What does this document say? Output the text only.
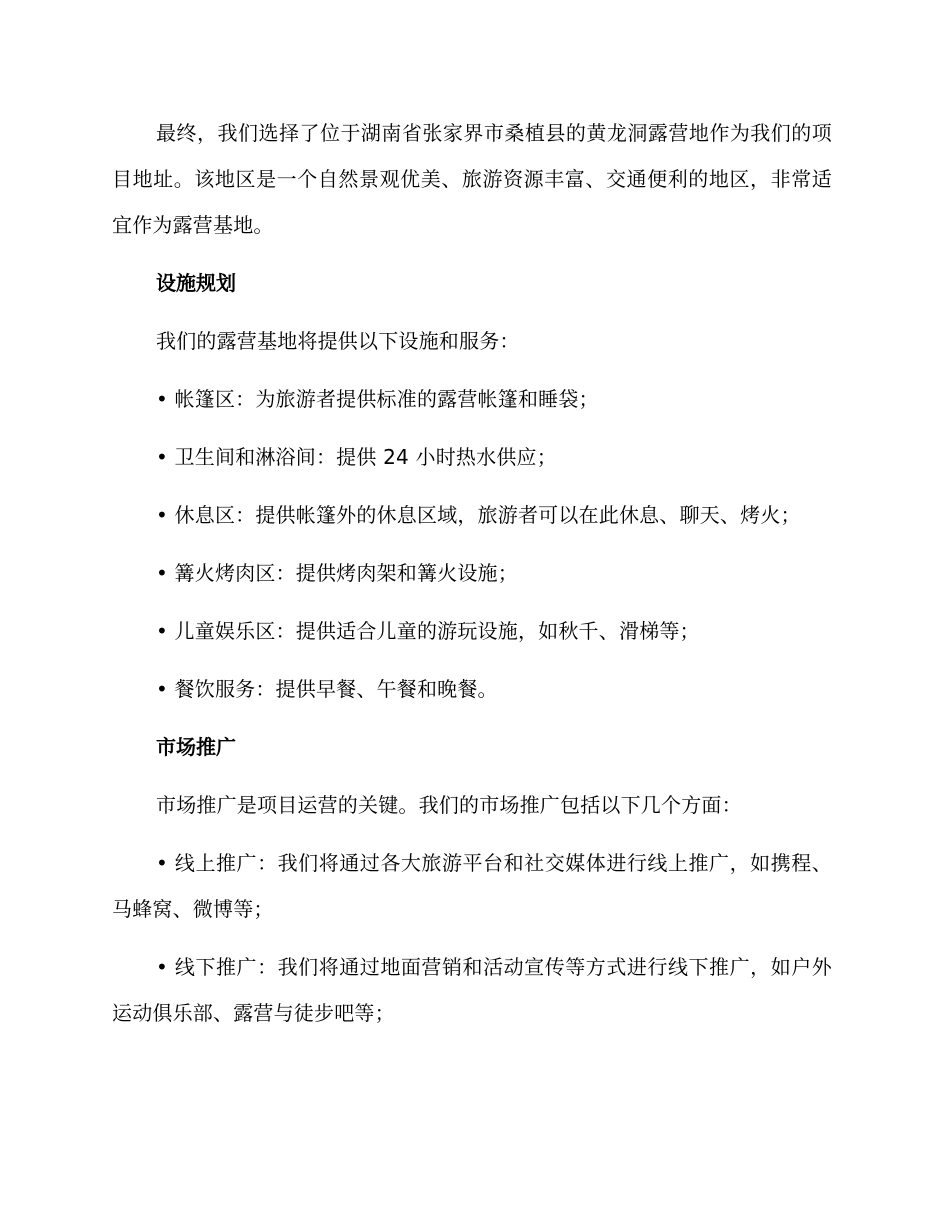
最终，我们选择了位于湖南省张家界市桑植县的黄龙洞露营地作为我们的项目地址。该地区是一个自然景观优美、旅游资源丰富、交通便利的地区，非常适宜作为露营基地。

设施规划

我们的露营基地将提供以下设施和服务：

• 帐篷区：为旅游者提供标准的露营帐篷和睡袋；

• 卫生间和淋浴间：提供 24 小时热水供应；

• 休息区：提供帐篷外的休息区域，旅游者可以在此休息、聊天、烤火；

• 篝火烤肉区：提供烤肉架和篝火设施；

• 儿童娱乐区：提供适合儿童的游玩设施，如秋千、滑梯等；

• 餐饮服务：提供早餐、午餐和晚餐。

市场推广

市场推广是项目运营的关键。我们的市场推广包括以下几个方面：

• 线上推广：我们将通过各大旅游平台和社交媒体进行线上推广，如携程、马蜂窝、微博等；

• 线下推广：我们将通过地面营销和活动宣传等方式进行线下推广，如户外运动俱乐部、露营与徒步吧等；
